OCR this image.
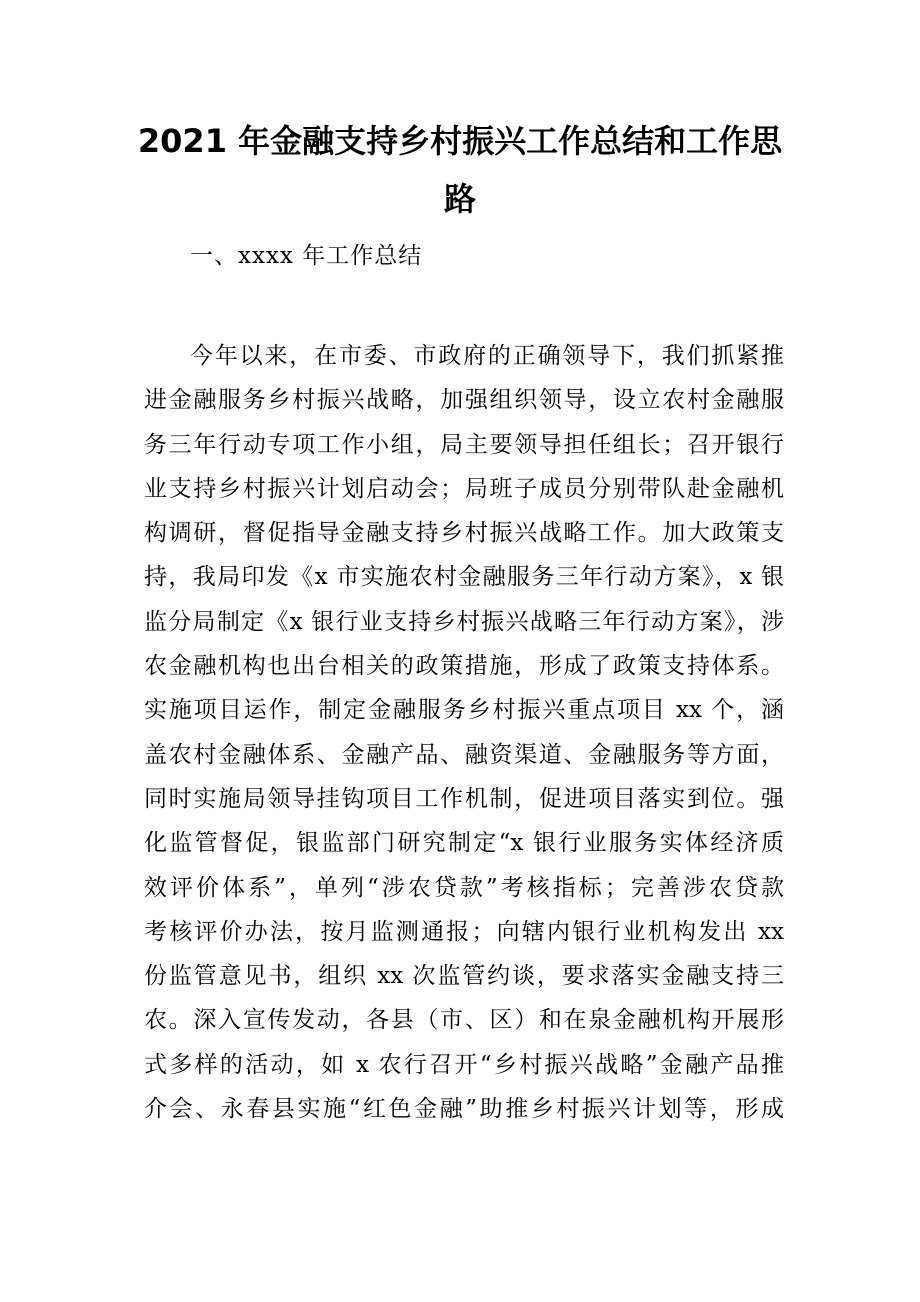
2021 年金融支持乡村振兴工作总结和工作思路
一、xxxx 年工作总结
今年以来，在市委、市政府的正确领导下，我们抓紧推
进金融服务乡村振兴战略，加强组织领导，设立农村金融服
务三年行动专项工作小组，局主要领导担任组长；召开银行
业支持乡村振兴计划启动会；局班子成员分别带队赴金融机
构调研，督促指导金融支持乡村振兴战略工作。加大政策支
持，我局印发《x 市实施农村金融服务三年行动方案》，x 银
监分局制定《x 银行业支持乡村振兴战略三年行动方案》，涉
农金融机构也出台相关的政策措施，形成了政策支持体系。
实施项目运作，制定金融服务乡村振兴重点项目 xx 个，涵
盖农村金融体系、金融产品、融资渠道、金融服务等方面，
同时实施局领导挂钩项目工作机制，促进项目落实到位。强
化监管督促，银监部门研究制定“x 银行业服务实体经济质
效评价体系”，单列“涉农贷款”考核指标；完善涉农贷款
考核评价办法，按月监测通报；向辖内银行业机构发出 xx
份监管意见书，组织 xx 次监管约谈，要求落实金融支持三
农。深入宣传发动，各县（市、区）和在泉金融机构开展形
式多样的活动，如 x 农行召开“乡村振兴战略”金融产品推
介会、永春县实施“红色金融”助推乡村振兴计划等，形成
